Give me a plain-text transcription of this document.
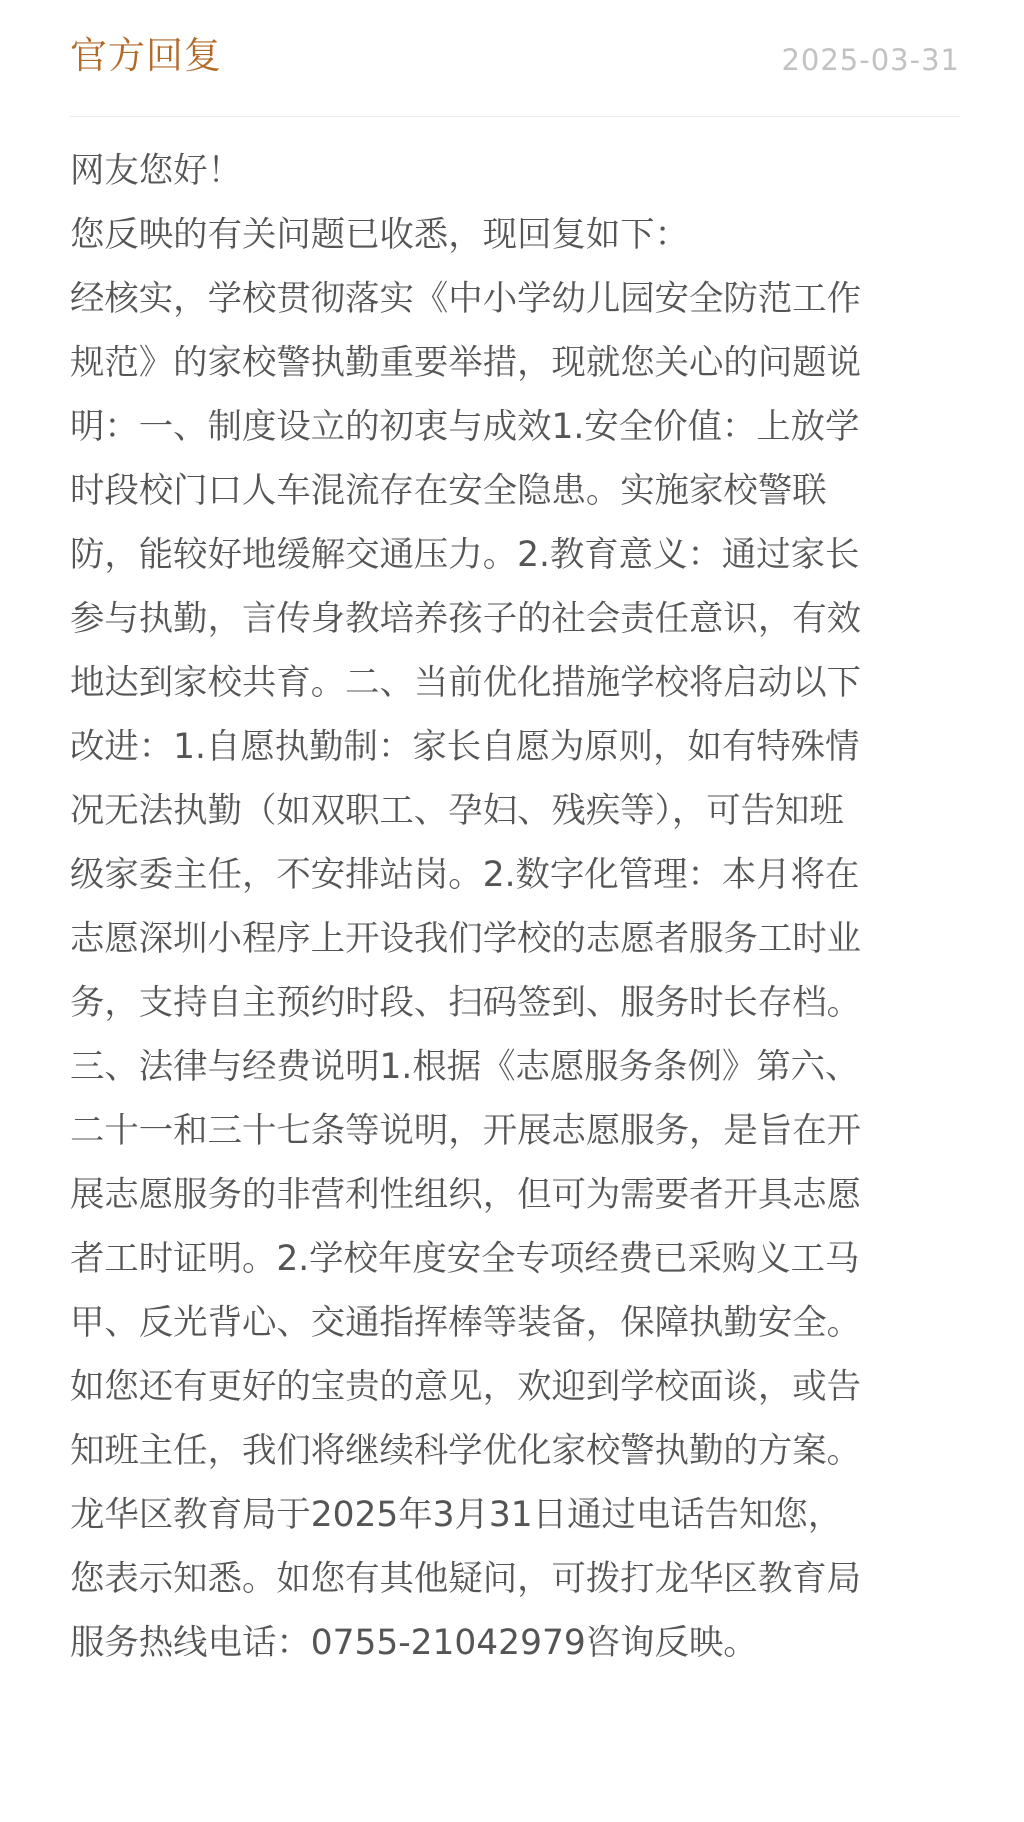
官方回复	2025-03-31

网友您好！

您反映的有关问题已收悉，现回复如下：

经核实，学校贯彻落实《中小学幼儿园安全防范工作

规范》的家校警执勤重要举措，现就您关心的问题说

明：一、制度设立的初衷与成效1.安全价值：上放学

时段校门口人车混流存在安全隐患。实施家校警联

防，能较好地缓解交通压力。2.教育意义：通过家长

参与执勤，言传身教培养孩子的社会责任意识，有效

地达到家校共育。二、当前优化措施学校将启动以下

改进：1.自愿执勤制：家长自愿为原则，如有特殊情

况无法执勤（如双职工、孕妇、残疾等），可告知班

级家委主任，不安排站岗。2.数字化管理：本月将在

志愿深圳小程序上开设我们学校的志愿者服务工时业

务，支持自主预约时段、扫码签到、服务时长存档。

三、法律与经费说明1.根据《志愿服务条例》第六、

二十一和三十七条等说明，开展志愿服务，是旨在开

展志愿服务的非营利性组织，但可为需要者开具志愿

者工时证明。2.学校年度安全专项经费已采购义工马

甲、反光背心、交通指挥棒等装备，保障执勤安全。

如您还有更好的宝贵的意见，欢迎到学校面谈，或告

知班主任，我们将继续科学优化家校警执勤的方案。

龙华区教育局于2025年3月31日通过电话告知您，

您表示知悉。如您有其他疑问，可拨打龙华区教育局

服务热线电话：0755-21042979咨询反映。
